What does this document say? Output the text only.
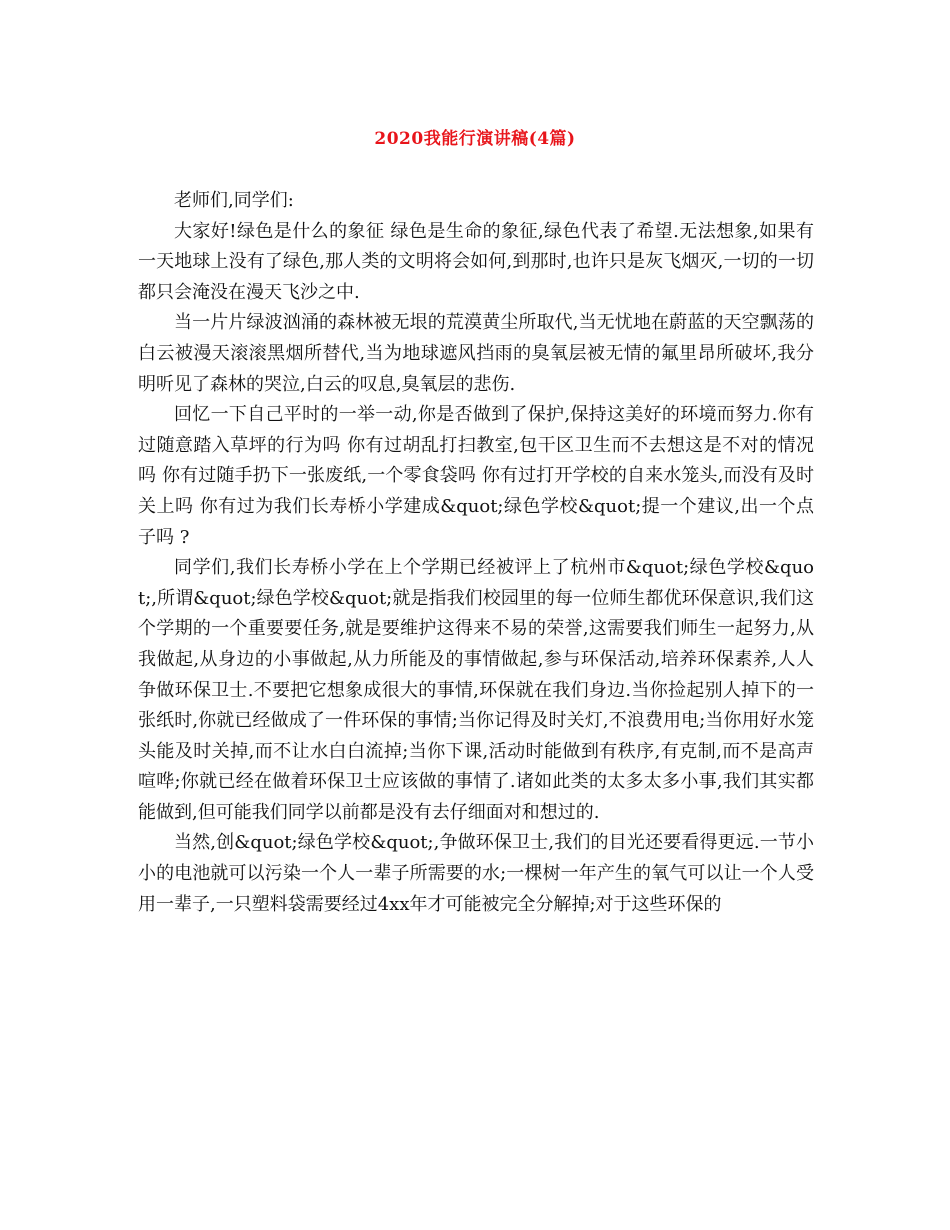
2020我能行演讲稿(4篇)

老师们,同学们:

大家好!绿色是什么的象征 绿色是生命的象征,绿色代表了希望.无法想象,如果有一天地球上没有了绿色,那人类的文明将会如何,到那时,也许只是灰飞烟灭,一切的一切都只会淹没在漫天飞沙之中.

当一片片绿波汹涌的森林被无垠的荒漠黄尘所取代,当无忧地在蔚蓝的天空飘荡的白云被漫天滚滚黑烟所替代,当为地球遮风挡雨的臭氧层被无情的氟里昂所破坏,我分明听见了森林的哭泣,白云的叹息,臭氧层的悲伤.

回忆一下自己平时的一举一动,你是否做到了保护,保持这美好的环境而努力.你有过随意踏入草坪的行为吗 你有过胡乱打扫教室,包干区卫生而不去想这是不对的情况吗 你有过随手扔下一张废纸,一个零食袋吗 你有过打开学校的自来水笼头,而没有及时关上吗 你有过为我们长寿桥小学建成&quot;绿色学校&quot;提一个建议,出一个点子吗 ?

同学们,我们长寿桥小学在上个学期已经被评上了杭州市&quot;绿色学校&quot;,所谓&quot;绿色学校&quot;就是指我们校园里的每一位师生都优环保意识,我们这个学期的一个重要要任务,就是要维护这得来不易的荣誉,这需要我们师生一起努力,从我做起,从身边的小事做起,从力所能及的事情做起,参与环保活动,培养环保素养,人人争做环保卫士.不要把它想象成很大的事情,环保就在我们身边.当你捡起别人掉下的一张纸时,你就已经做成了一件环保的事情;当你记得及时关灯,不浪费用电;当你用好水笼头能及时关掉,而不让水白白流掉;当你下课,活动时能做到有秩序,有克制,而不是高声喧哗;你就已经在做着环保卫士应该做的事情了.诸如此类的太多太多小事,我们其实都能做到,但可能我们同学以前都是没有去仔细面对和想过的.

当然,创&quot;绿色学校&quot;,争做环保卫士,我们的目光还要看得更远.一节小小的电池就可以污染一个人一辈子所需要的水;一棵树一年产生的氧气可以让一个人受用一辈子,一只塑料袋需要经过4xx年才可能被完全分解掉;对于这些环保的
